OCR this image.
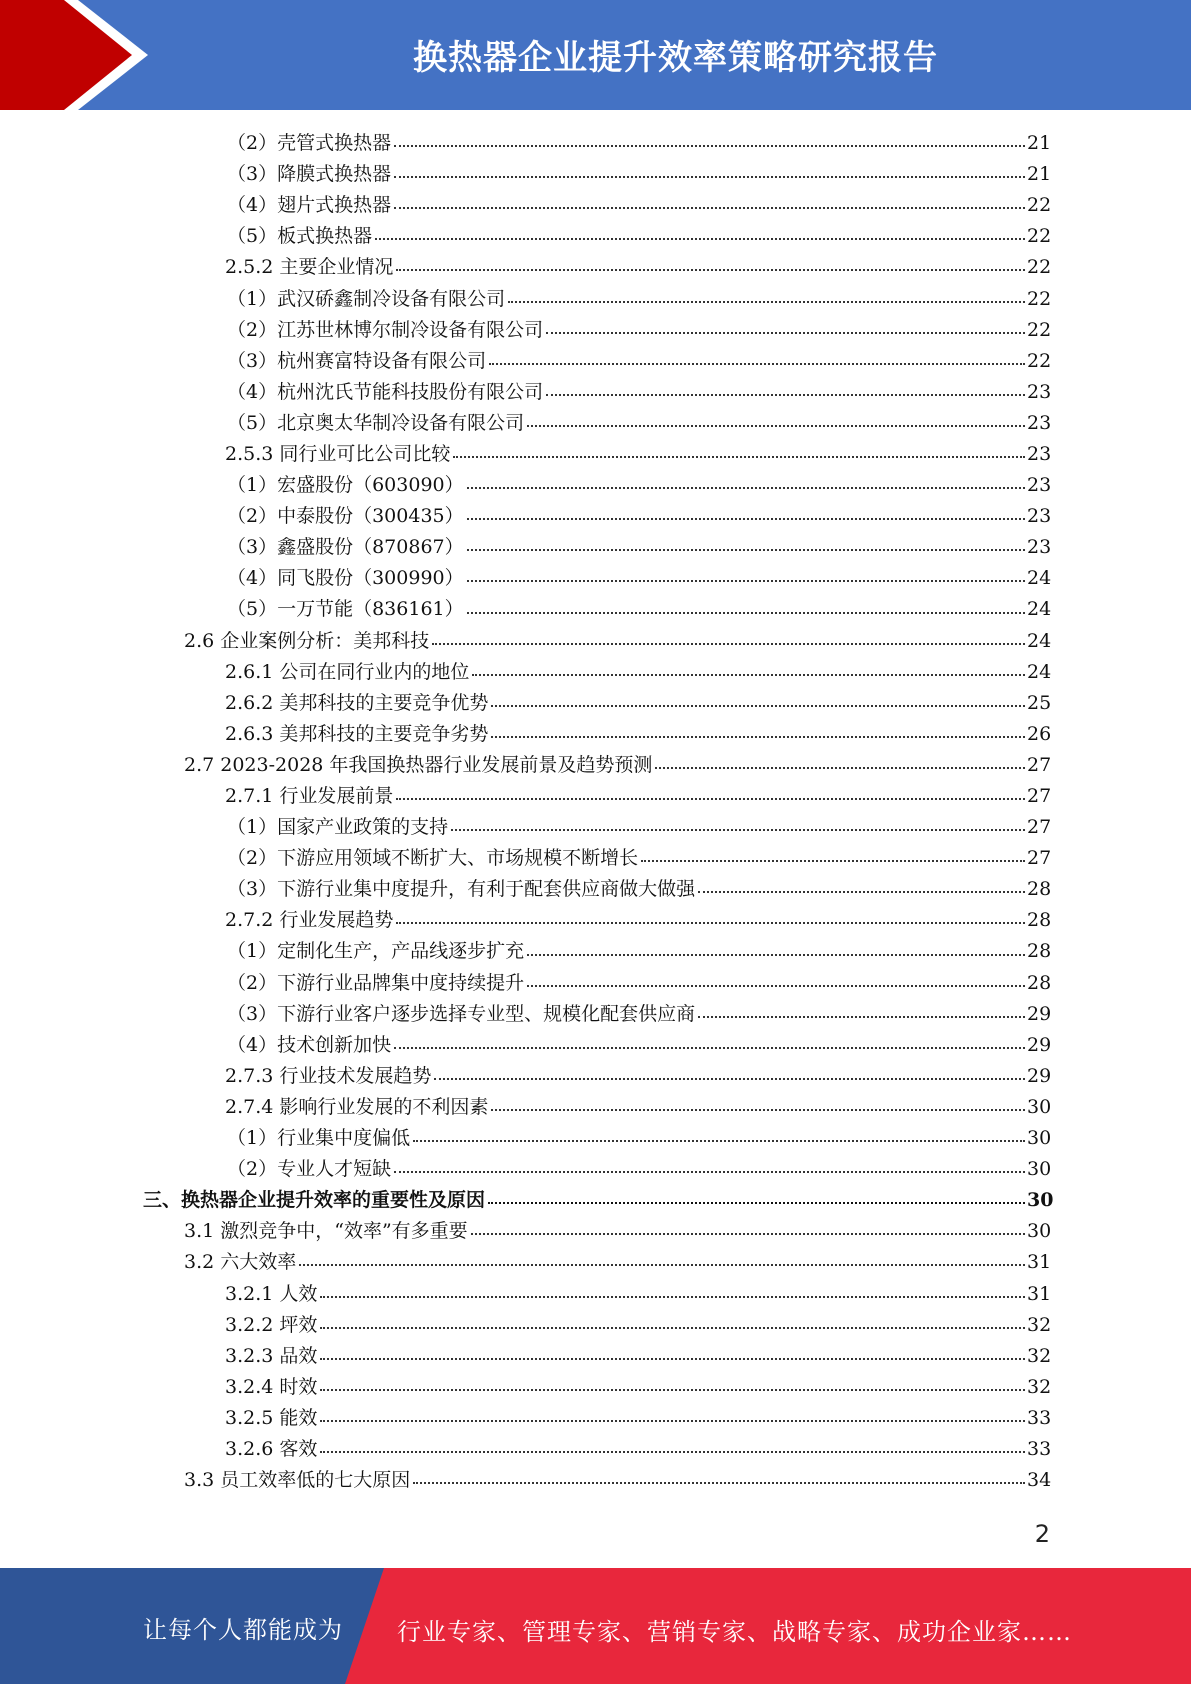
换热器企业提升效率策略研究报告
（2）壳管式换热器	21
（3）降膜式换热器	21
（4）翅片式换热器	22
（5）板式换热器	22
2.5.2 主要企业情况	22
（1）武汉硚鑫制冷设备有限公司	22
（2）江苏世林博尔制冷设备有限公司	22
（3）杭州赛富特设备有限公司	22
（4）杭州沈氏节能科技股份有限公司	23
（5）北京奥太华制冷设备有限公司	23
2.5.3 同行业可比公司比较	23
（1）宏盛股份（603090）	23
（2）中泰股份（300435）	23
（3）鑫盛股份（870867）	23
（4）同飞股份（300990）	24
（5）一万节能（836161）	24
2.6 企业案例分析：美邦科技	24
2.6.1 公司在同行业内的地位	24
2.6.2 美邦科技的主要竞争优势	25
2.6.3 美邦科技的主要竞争劣势	26
2.7 2023-2028 年我国换热器行业发展前景及趋势预测	27
2.7.1 行业发展前景	27
（1）国家产业政策的支持	27
（2）下游应用领域不断扩大、市场规模不断增长	27
（3）下游行业集中度提升，有利于配套供应商做大做强	28
2.7.2 行业发展趋势	28
（1）定制化生产，产品线逐步扩充	28
（2）下游行业品牌集中度持续提升	28
（3）下游行业客户逐步选择专业型、规模化配套供应商	29
（4）技术创新加快	29
2.7.3 行业技术发展趋势	29
2.7.4 影响行业发展的不利因素	30
（1）行业集中度偏低	30
（2）专业人才短缺	30
三、换热器企业提升效率的重要性及原因	30
3.1 激烈竞争中，“效率”有多重要	30
3.2 六大效率	31
3.2.1 人效	31
3.2.2 坪效	32
3.2.3 品效	32
3.2.4 时效	32
3.2.5 能效	33
3.2.6 客效	33
3.3 员工效率低的七大原因	34
2
让每个人都能成为 行业专家、管理专家、营销专家、战略专家、成功企业家……
